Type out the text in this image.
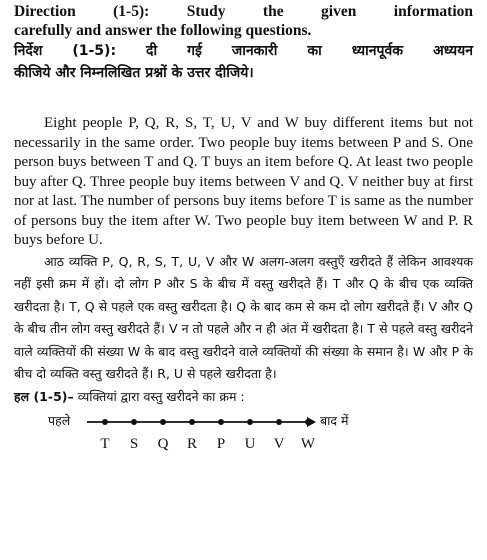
Direction (1-5): Study the given information
carefully and answer the following questions.

निर्देश (1-5): दी गई जानकारी का ध्यानपूर्वक अध्ययन
कीजिये और निम्नलिखित प्रश्नों के उत्तर दीजिये।

Eight people P, Q, R, S, T, U, V and W buy different items but not necessarily in the same order. Two people buy items between P and S. One person buys between T and Q. T buys an item before Q. At least two people buy after Q. Three people buy items between V and Q. V neither buy at first nor at last. The number of persons buy items before T is same as the number of persons buy the item after W. Two people buy item between W and P. R buys before U.

आठ व्यक्ति P, Q, R, S, T, U, V और W अलग-अलग वस्तुएँ खरीदते हैं लेकिन आवश्यक नहीं इसी क्रम में हों। दो लोग P और S के बीच में वस्तु खरीदते हैं। T और Q के बीच एक व्यक्ति खरीदता है। T, Q से पहले एक वस्तु खरीदता है। Q के बाद कम से कम दो लोग खरीदते हैं। V और Q के बीच तीन लोग वस्तु खरीदते हैं। V न तो पहले और न ही अंत में खरीदता है। T से पहले वस्तु खरीदने वाले व्यक्तियों की संख्या W के बाद वस्तु खरीदने वाले व्यक्तियों की संख्या के समान है। W और P के बीच दो व्यक्ति वस्तु खरीदते हैं। R, U से पहले खरीदता है।

हल (1-5)– व्यक्तियां द्वारा वस्तु खरीदने का क्रम :

पहले	बाद में
T	S	Q	R	P	U	V	W
